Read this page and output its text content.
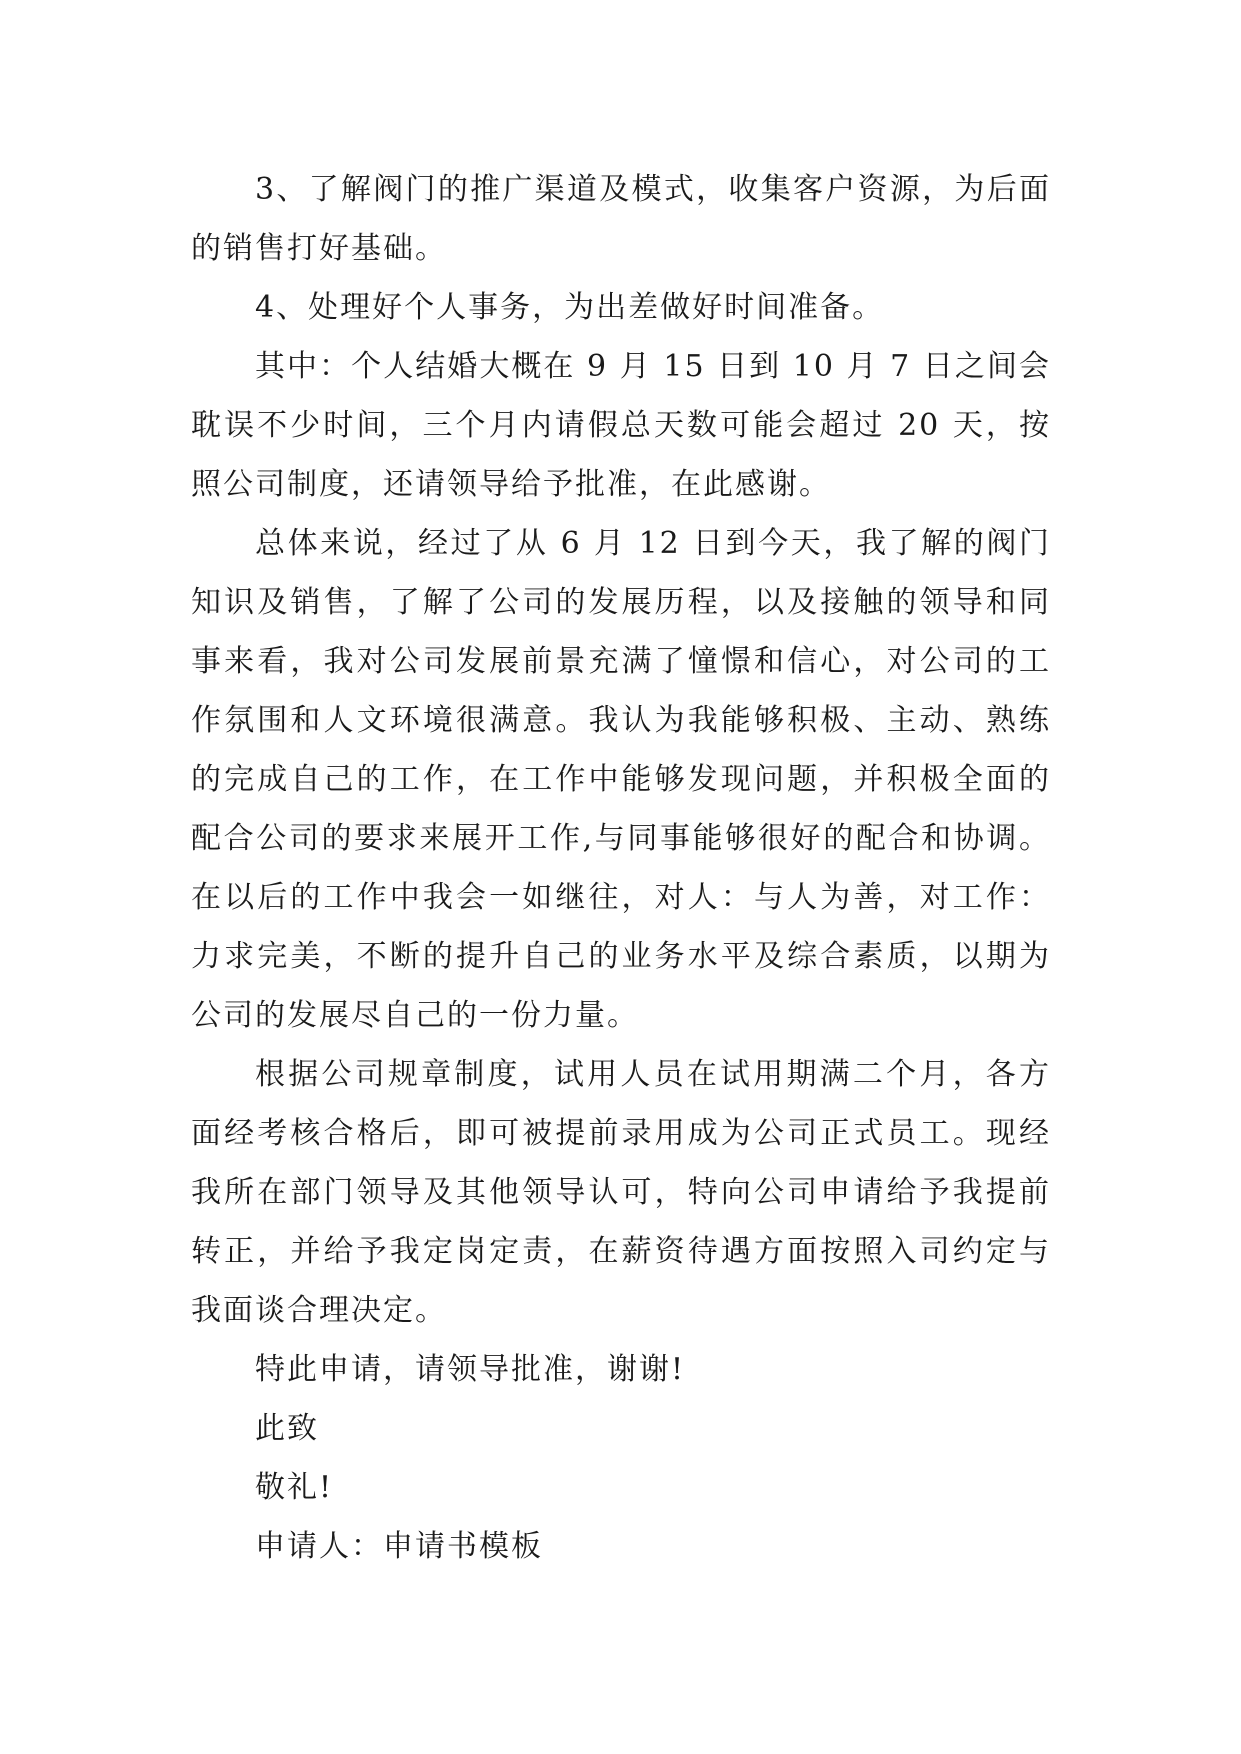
3、了解阀门的推广渠道及模式，收集客户资源，为后面的销售打好基础。

4、处理好个人事务，为出差做好时间准备。

其中：个人结婚大概在 9 月 15 日到 10 月 7 日之间会耽误不少时间，三个月内请假总天数可能会超过 20 天，按照公司制度，还请领导给予批准，在此感谢。

总体来说，经过了从 6 月 12 日到今天，我了解的阀门知识及销售，了解了公司的发展历程，以及接触的领导和同事来看，我对公司发展前景充满了憧憬和信心，对公司的工作氛围和人文环境很满意。我认为我能够积极、主动、熟练的完成自己的工作，在工作中能够发现问题，并积极全面的配合公司的要求来展开工作,与同事能够很好的配合和协调。在以后的工作中我会一如继往，对人：与人为善，对工作：力求完美，不断的提升自己的业务水平及综合素质，以期为公司的发展尽自己的一份力量。

根据公司规章制度，试用人员在试用期满二个月，各方面经考核合格后，即可被提前录用成为公司正式员工。现经我所在部门领导及其他领导认可，特向公司申请给予我提前转正，并给予我定岗定责，在薪资待遇方面按照入司约定与我面谈合理决定。

特此申请，请领导批准，谢谢!

此致

敬礼!

申请人：申请书模板
